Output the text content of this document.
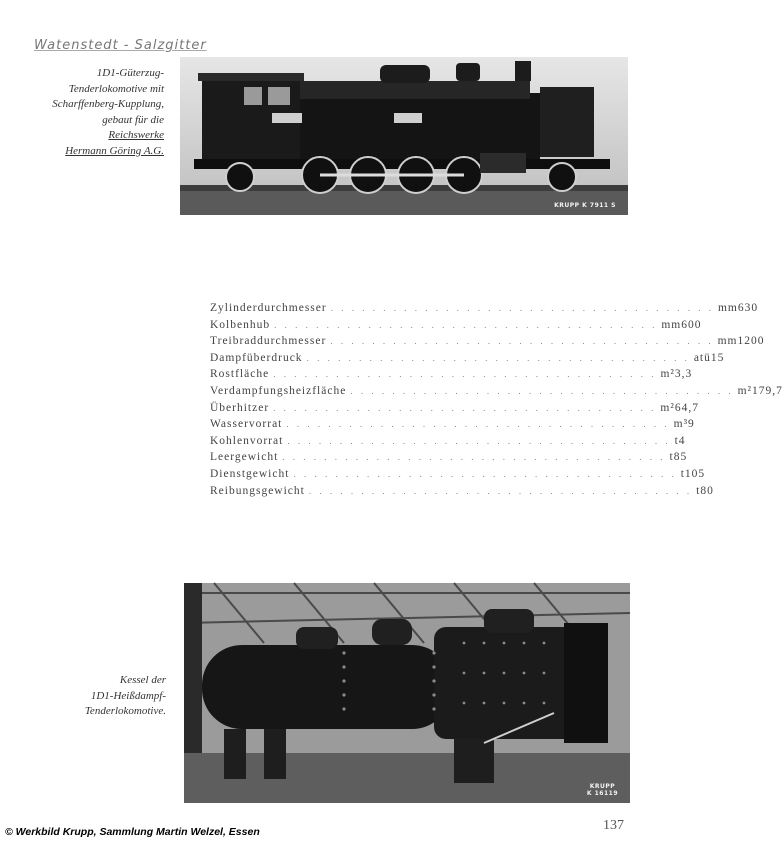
Watenstedt - Salzgitter
1D1-Güterzug-
Tenderlokomotive mit
Scharffenberg-Kupplung,
gebaut für die
Reichswerke
Hermann Göring A.G.
KRUPP K 7911 S
Zylinderdurchmesser . . . . . . . . . . . . . . . . . . . . . . . . . . . . . . . . . . . . . mm 630
Kolbenhub . . . . . . . . . . . . . . . . . . . . . . . . . . . . . . . . . . . . . mm 600
Treibraddurchmesser . . . . . . . . . . . . . . . . . . . . . . . . . . . . . . . . . . . . . mm 1200
Dampfüberdruck . . . . . . . . . . . . . . . . . . . . . . . . . . . . . . . . . . . . . atü 15
Rostfläche . . . . . . . . . . . . . . . . . . . . . . . . . . . . . . . . . . . . . m² 3,3
Verdampfungsheizfläche . . . . . . . . . . . . . . . . . . . . . . . . . . . . . . . . . . . . . m² 179,7
Überhitzer . . . . . . . . . . . . . . . . . . . . . . . . . . . . . . . . . . . . . m² 64,7
Wasservorrat . . . . . . . . . . . . . . . . . . . . . . . . . . . . . . . . . . . . . m³ 9
Kohlenvorrat . . . . . . . . . . . . . . . . . . . . . . . . . . . . . . . . . . . . . t 4
Leergewicht . . . . . . . . . . . . . . . . . . . . . . . . . . . . . . . . . . . . . t 85
Dienstgewicht . . . . . . . . . . . . . . . . . . . . . . . . . . . . . . . . . . . . . t 105
Reibungsgewicht . . . . . . . . . . . . . . . . . . . . . . . . . . . . . . . . . . . . . t 80
Kessel der
1D1-Heißdampf-
Tenderlokomotive.
KRUPP
K 16119
© Werkbild Krupp, Sammlung Martin Welzel, Essen	137
